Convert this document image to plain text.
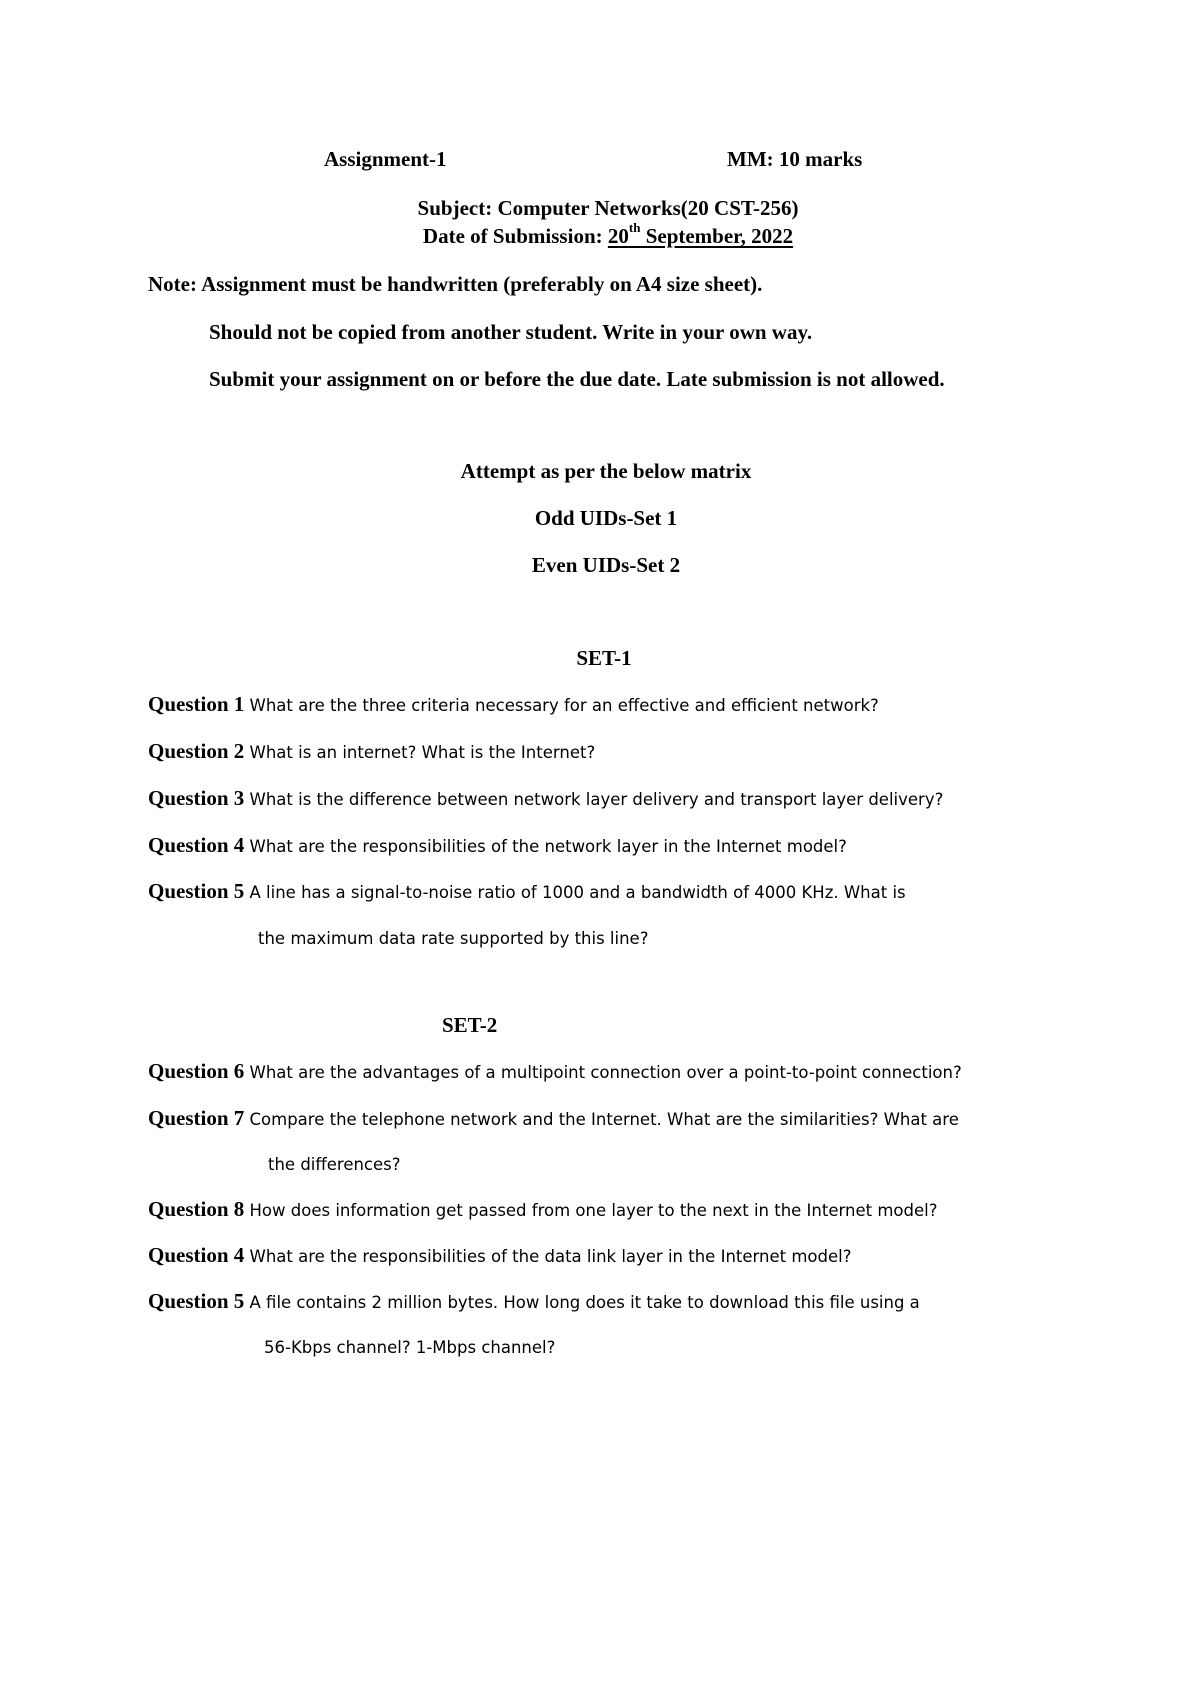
Assignment-1	MM: 10 marks
Subject: Computer Networks(20 CST-256)
Date of Submission: 20th September, 2022
Note: Assignment must be handwritten (preferably on A4 size sheet).
Should not be copied from another student. Write in your own way.
Submit your assignment on or before the due date. Late submission is not allowed.
Attempt as per the below matrix
Odd UIDs-Set 1
Even UIDs-Set 2
SET-1
Question 1 What are the three criteria necessary for an effective and efficient network?
Question 2 What is an internet? What is the Internet?
Question 3 What is the difference between network layer delivery and transport layer delivery?
Question 4 What are the responsibilities of the network layer in the Internet model?
Question 5 A line has a signal-to-noise ratio of 1000 and a bandwidth of 4000 KHz. What is
the maximum data rate supported by this line?
SET-2
Question 6 What are the advantages of a multipoint connection over a point-to-point connection?
Question 7 Compare the telephone network and the Internet. What are the similarities? What are
the differences?
Question 8 How does information get passed from one layer to the next in the Internet model?
Question 4 What are the responsibilities of the data link layer in the Internet model?
Question 5 A file contains 2 million bytes. How long does it take to download this file using a
56-Kbps channel? 1-Mbps channel?
